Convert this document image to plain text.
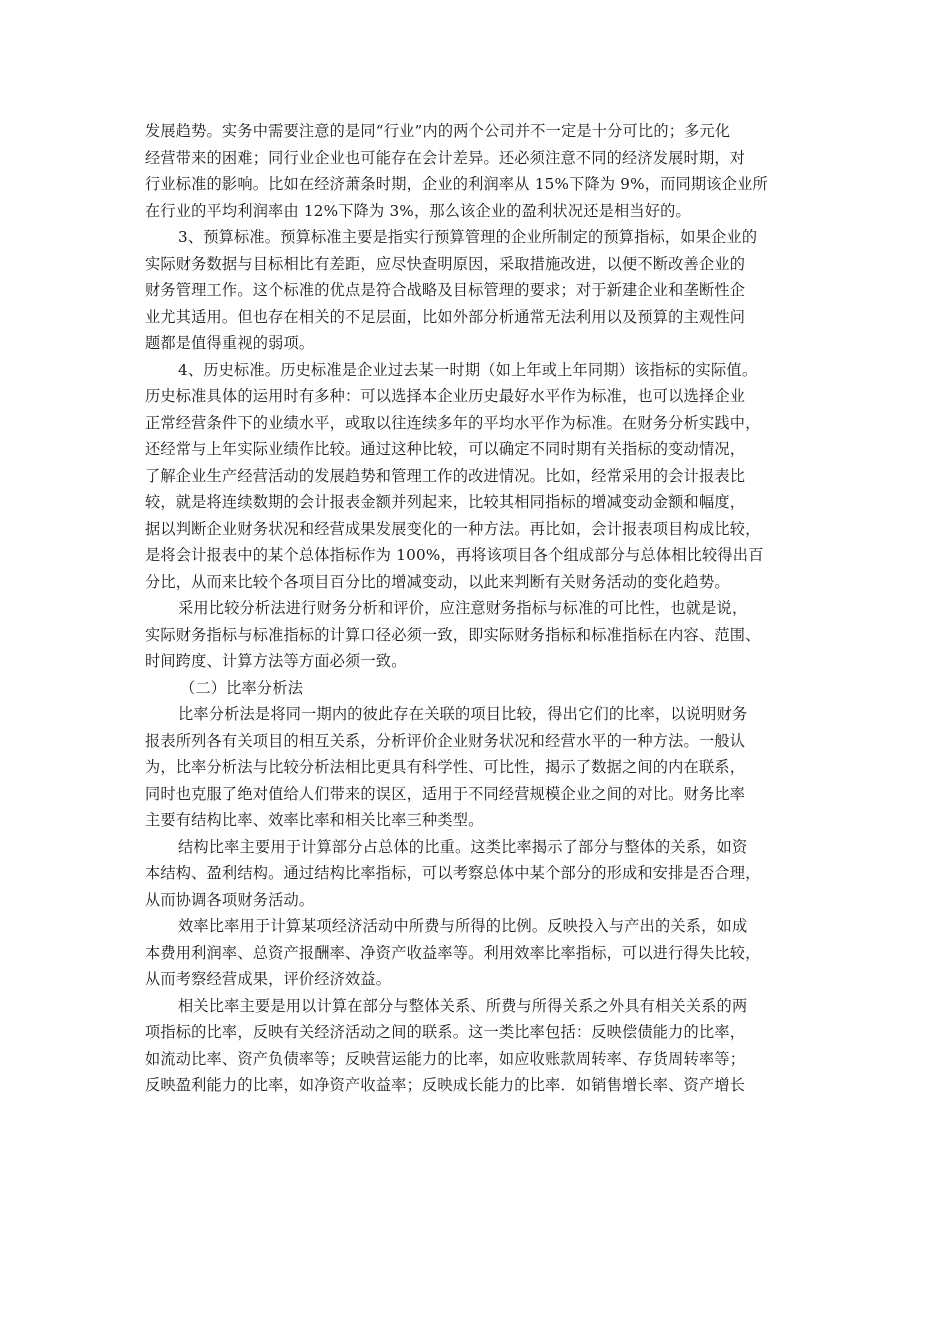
发展趋势。实务中需要注意的是同“行业”内的两个公司并不一定是十分可比的；多元化
经营带来的困难；同行业企业也可能存在会计差异。还必须注意不同的经济发展时期，对
行业标准的影响。比如在经济萧条时期，企业的利润率从 15%下降为 9%，而同期该企业所
在行业的平均利润率由 12%下降为 3%，那么该企业的盈利状况还是相当好的。
3、预算标准。预算标准主要是指实行预算管理的企业所制定的预算指标，如果企业的
实际财务数据与目标相比有差距，应尽快查明原因，采取措施改进，以便不断改善企业的
财务管理工作。这个标准的优点是符合战略及目标管理的要求；对于新建企业和垄断性企
业尤其适用。但也存在相关的不足层面，比如外部分析通常无法利用以及预算的主观性问
题都是值得重视的弱项。
4、历史标准。历史标准是企业过去某一时期（如上年或上年同期）该指标的实际值。
历史标准具体的运用时有多种：可以选择本企业历史最好水平作为标准，也可以选择企业
正常经营条件下的业绩水平，或取以往连续多年的平均水平作为标准。在财务分析实践中，
还经常与上年实际业绩作比较。通过这种比较，可以确定不同时期有关指标的变动情况，
了解企业生产经营活动的发展趋势和管理工作的改进情况。比如，经常采用的会计报表比
较，就是将连续数期的会计报表金额并列起来，比较其相同指标的增减变动金额和幅度，
据以判断企业财务状况和经营成果发展变化的一种方法。再比如，会计报表项目构成比较，
是将会计报表中的某个总体指标作为 100%，再将该项目各个组成部分与总体相比较得出百
分比，从而来比较个各项目百分比的增减变动，以此来判断有关财务活动的变化趋势。
采用比较分析法进行财务分析和评价，应注意财务指标与标准的可比性，也就是说，
实际财务指标与标准指标的计算口径必须一致，即实际财务指标和标准指标在内容、范围、
时间跨度、计算方法等方面必须一致。
（二）比率分析法
比率分析法是将同一期内的彼此存在关联的项目比较，得出它们的比率，以说明财务
报表所列各有关项目的相互关系，分析评价企业财务状况和经营水平的一种方法。一般认
为，比率分析法与比较分析法相比更具有科学性、可比性，揭示了数据之间的内在联系，
同时也克服了绝对值给人们带来的误区，适用于不同经营规模企业之间的对比。财务比率
主要有结构比率、效率比率和相关比率三种类型。
结构比率主要用于计算部分占总体的比重。这类比率揭示了部分与整体的关系，如资
本结构、盈利结构。通过结构比率指标，可以考察总体中某个部分的形成和安排是否合理，
从而协调各项财务活动。
效率比率用于计算某项经济活动中所费与所得的比例。反映投入与产出的关系，如成
本费用利润率、总资产报酬率、净资产收益率等。利用效率比率指标，可以进行得失比较，
从而考察经营成果，评价经济效益。
相关比率主要是用以计算在部分与整体关系、所费与所得关系之外具有相关关系的两
项指标的比率，反映有关经济活动之间的联系。这一类比率包括：反映偿债能力的比率，
如流动比率、资产负债率等；反映营运能力的比率，如应收账款周转率、存货周转率等；
反映盈利能力的比率，如净资产收益率；反映成长能力的比率．如销售增长率、资产增长
